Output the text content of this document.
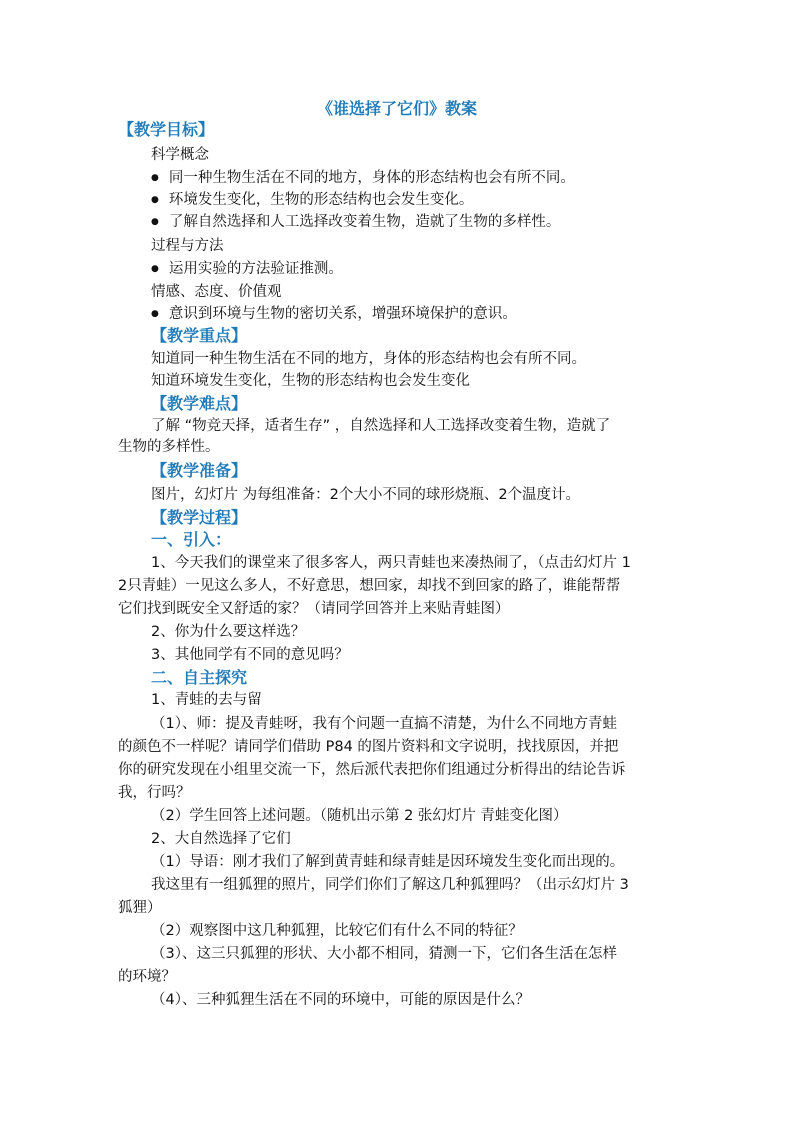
《谁选择了它们》教案
【教学目标】
科学概念
● 同一种生物生活在不同的地方，身体的形态结构也会有所不同。
● 环境发生变化，生物的形态结构也会发生变化。
● 了解自然选择和人工选择改变着生物，造就了生物的多样性。
过程与方法
● 运用实验的方法验证推测。
情感、态度、价值观
● 意识到环境与生物的密切关系，增强环境保护的意识。
【教学重点】
知道同一种生物生活在不同的地方，身体的形态结构也会有所不同。
知道环境发生变化，生物的形态结构也会发生变化
【教学难点】
了解 “物竞天择，适者生存” ，自然选择和人工选择改变着生物，造就了
生物的多样性。
【教学准备】
图片，幻灯片 为每组准备：2个大小不同的球形烧瓶、2个温度计。
【教学过程】
一、引入：
1、今天我们的课堂来了很多客人，两只青蛙也来凑热闹了，（点击幻灯片 1
2只青蛙）一见这么多人，不好意思，想回家，却找不到回家的路了，谁能帮帮
它们找到既安全又舒适的家？（请同学回答并上来贴青蛙图）
2、你为什么要这样选？
3、其他同学有不同的意见吗？
二、自主探究
1、青蛙的去与留
（1）、师：提及青蛙呀，我有个问题一直搞不清楚，为什么不同地方青蛙
的颜色不一样呢？请同学们借助 P84 的图片资料和文字说明，找找原因，并把
你的研究发现在小组里交流一下，然后派代表把你们组通过分析得出的结论告诉
我，行吗？
（2）学生回答上述问题。（随机出示第 2 张幻灯片 青蛙变化图）
2、大自然选择了它们
（1）导语：刚才我们了解到黄青蛙和绿青蛙是因环境发生变化而出现的。
我这里有一组狐狸的照片，同学们你们了解这几种狐狸吗？（出示幻灯片 3
狐狸）
（2）观察图中这几种狐狸，比较它们有什么不同的特征？
（3）、这三只狐狸的形状、大小都不相同，猜测一下，它们各生活在怎样
的环境？
（4）、三种狐狸生活在不同的环境中，可能的原因是什么？
